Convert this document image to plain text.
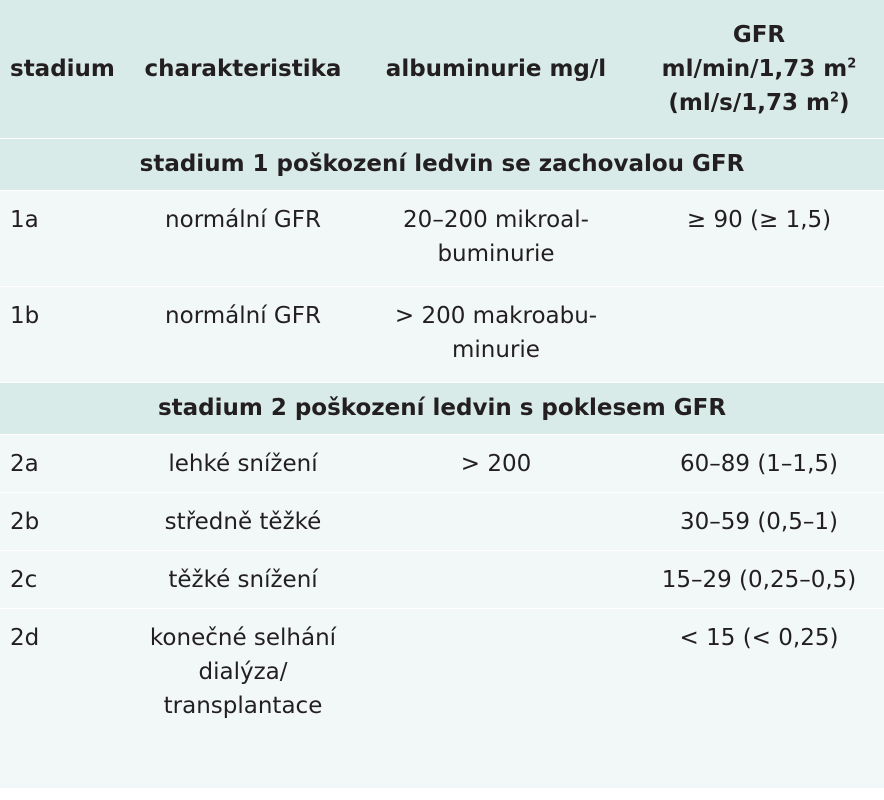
stadium	charakteristika	albuminurie mg/l	GFR
ml/min/1,73 $m^2$
(ml/s/1,73 $m^2$)

stadium 1 poškození ledvin se zachovalou GFR			
1a	normální GFR	20–200 mikroal-buminurie	≥ 90 (≥ 1,5)
1b	normální GFR	> 200 makroabu-minurie	
stadium 2 poškození ledvin s poklesem GFR			
2a	lehké snížení	> 200	60–89 (1–1,5)
2b	středně těžké		30–59 (0,5–1)
2c	těžké snížení		15–29 (0,25–0,5)
2d	konečné selhání dialýza/ transplantace		< 15 (< 0,25)
